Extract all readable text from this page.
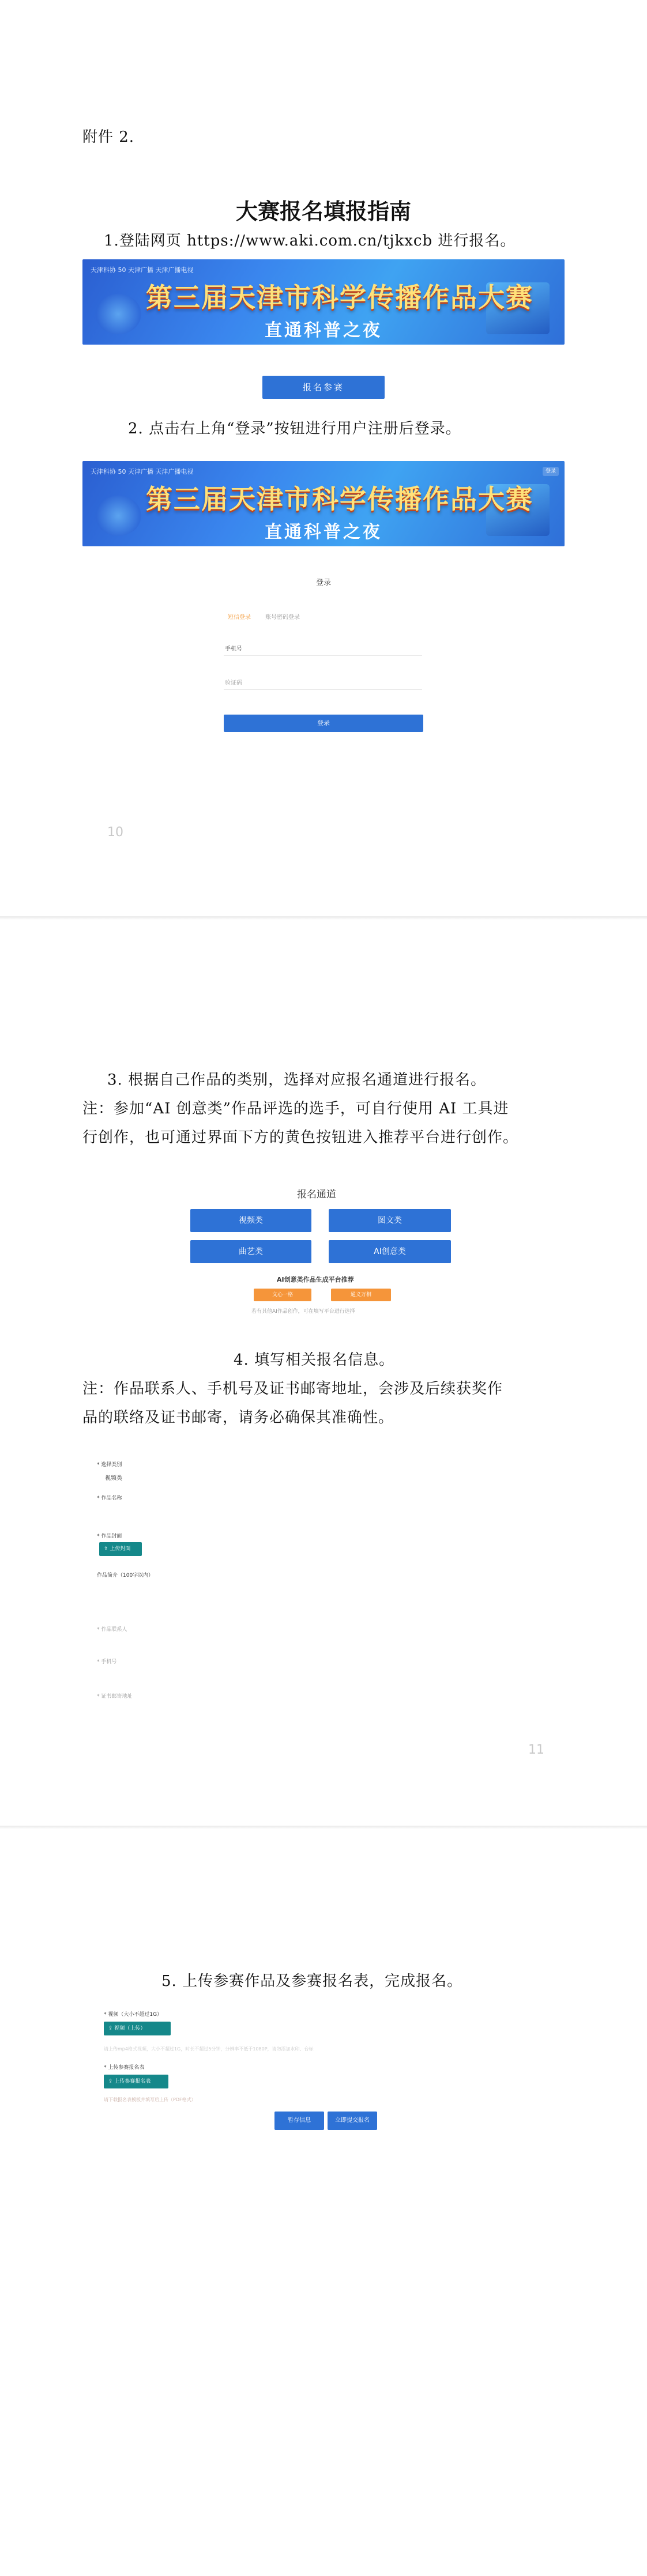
附件 2.
大赛报名填报指南
1.登陆网页 https://www.aki.com.cn/tjkxcb 进行报名。
天津科协 50 天津广播 天津广播电视
第三届天津市科学传播作品大赛
直通科普之夜
报名参赛
2. 点击右上角“登录”按钮进行用户注册后登录。
天津科协 50 天津广播 天津广播电视	登录
第三届天津市科学传播作品大赛
直通科普之夜
登录
短信登录	账号密码登录
手机号
验证码
登录
10
3. 根据自己作品的类别，选择对应报名通道进行报名。
注：参加“AI 创意类”作品评选的选手，可自行使用 AI 工具进
行创作，也可通过界面下方的黄色按钮进入推荐平台进行创作。
报名通道
视频类	图文类
曲艺类	AI创意类
AI创意类作品生成平台推荐
文心一格	通义万相
若有其他AI作品创作，可在填写平台进行选择
4. 填写相关报名信息。
注：作品联系人、手机号及证书邮寄地址，会涉及后续获奖作
品的联络及证书邮寄，请务必确保其准确性。
* 选择类别
视频类
* 作品名称
* 作品封面
⇪ 上传封面
作品简介（100字以内）
* 作品联系人
* 手机号
* 证书邮寄地址
11
5. 上传参赛作品及参赛报名表，完成报名。
* 视频（大小不超过1G）
⇪ 视频（上传）
请上传mp4格式视频，大小不超过1G，时长不超过5分钟，分辨率不低于1080P，请勿添加水印、台标
* 上传参赛报名表
⇪ 上传参赛报名表
请下载报名表模板并填写后上传（PDF格式）
暂存信息	立即提交报名
